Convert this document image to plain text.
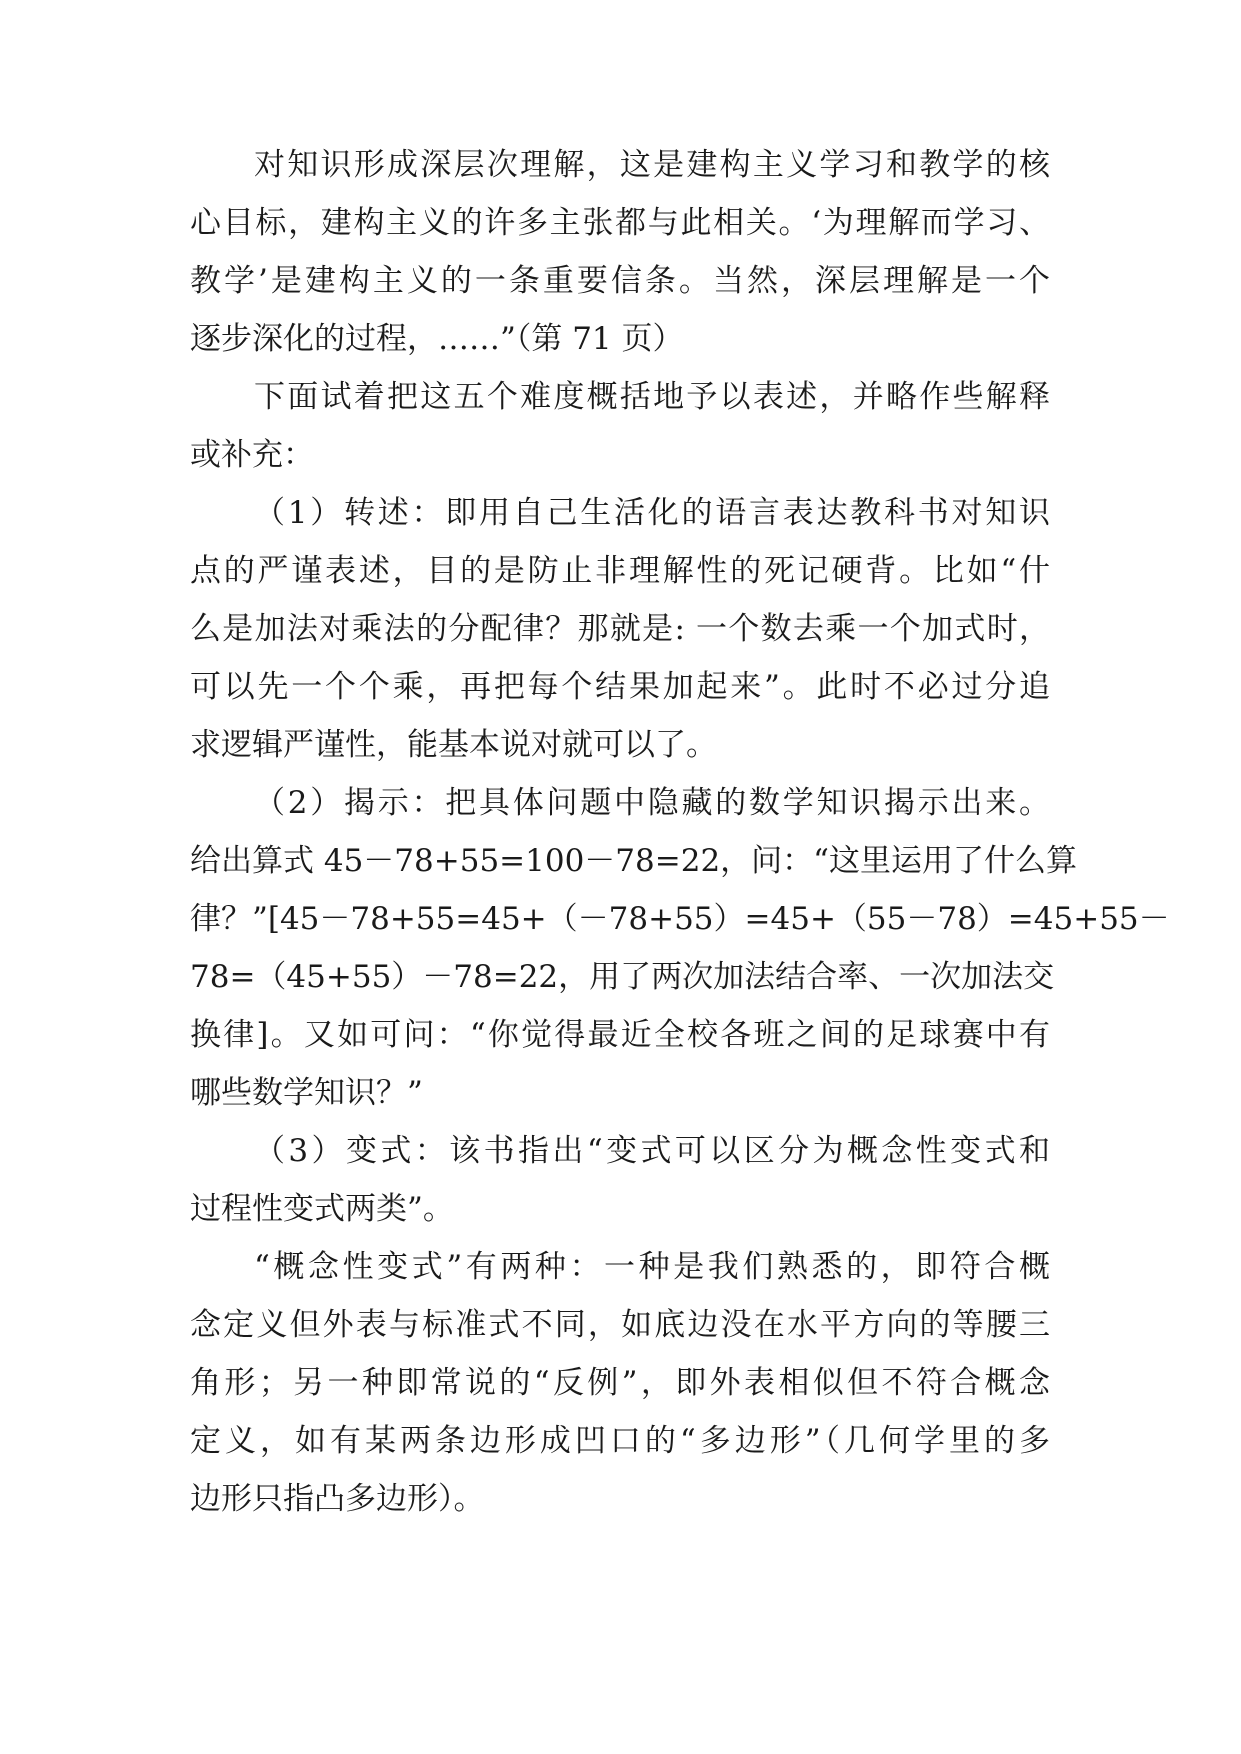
对知识形成深层次理解，这是建构主义学习和教学的核
心目标，建构主义的许多主张都与此相关。‘为理解而学习、
教学’是建构主义的一条重要信条。当然，深层理解是一个
逐步深化的过程，……”（第 71 页）
下面试着把这五个难度概括地予以表述，并略作些解释
或补充：
（1）转述：即用自己生活化的语言表达教科书对知识
点的严谨表述，目的是防止非理解性的死记硬背。比如“什
么是加法对乘法的分配律？那就是: 一个数去乘一个加式时，
可以先一个个乘，再把每个结果加起来”。此时不必过分追
求逻辑严谨性，能基本说对就可以了。
（2）揭示：把具体问题中隐藏的数学知识揭示出来。
给出算式 45－78+55=100－78=22，问：“这里运用了什么算
律？”[45－78+55=45+（－78+55）=45+（55－78）=45+55－
78=（45+55）－78=22，用了两次加法结合率、一次加法交
换律]。又如可问：“你觉得最近全校各班之间的足球赛中有
哪些数学知识？”
（3）变式：该书指出“变式可以区分为概念性变式和
过程性变式两类”。
“概念性变式”有两种：一种是我们熟悉的，即符合概
念定义但外表与标准式不同，如底边没在水平方向的等腰三
角形；另一种即常说的“反例”，即外表相似但不符合概念
定义，如有某两条边形成凹口的“多边形”（几何学里的多
边形只指凸多边形）。
